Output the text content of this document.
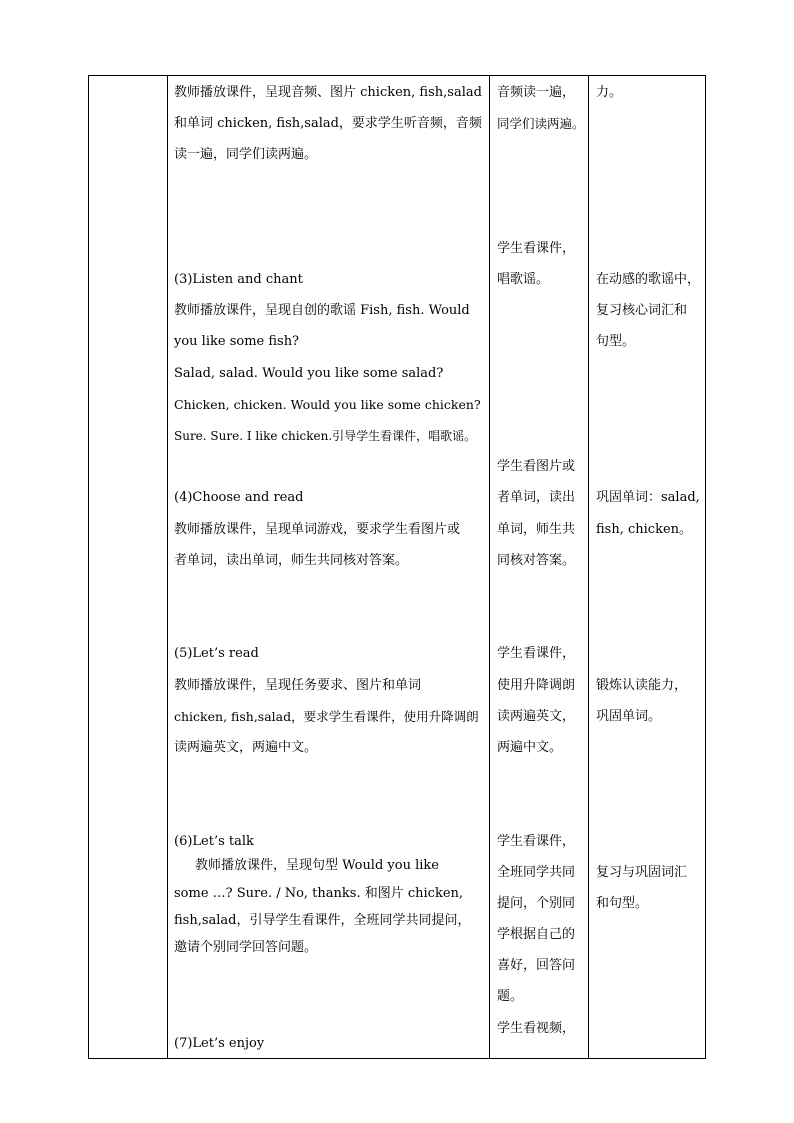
教师播放课件，呈现音频、图片 chicken, fish,salad
和单词 chicken, fish,salad，要求学生听音频，音频
读一遍，同学们读两遍。
(3)Listen and chant
教师播放课件，呈现自创的歌谣 Fish, fish. Would
you like some fish?
Salad, salad. Would you like some salad?
Chicken, chicken. Would you like some chicken?
Sure. Sure. I like chicken.引导学生看课件，唱歌谣。
(4)Choose and read
教师播放课件，呈现单词游戏，要求学生看图片或
者单词，读出单词，师生共同核对答案。
(5)Let’s read
教师播放课件，呈现任务要求、图片和单词
chicken, fish,salad，要求学生看课件，使用升降调朗
读两遍英文，两遍中文。
(6)Let’s talk
教师播放课件，呈现句型 Would you like
some …? Sure. / No, thanks. 和图片 chicken,
fish,salad，引导学生看课件，全班同学共同提问，
邀请个别同学回答问题。
(7)Let’s enjoy
音频读一遍，
同学们读两遍。
学生看课件，
唱歌谣。
学生看图片或
者单词，读出
单词，师生共
同核对答案。
学生看课件，
使用升降调朗
读两遍英文，
两遍中文。
学生看课件，
全班同学共同
提问，个别同
学根据自己的
喜好，回答问
题。
学生看视频，
力。
在动感的歌谣中，
复习核心词汇和
句型。
巩固单词：salad,
fish, chicken。
锻炼认读能力，
巩固单词。
复习与巩固词汇
和句型。
